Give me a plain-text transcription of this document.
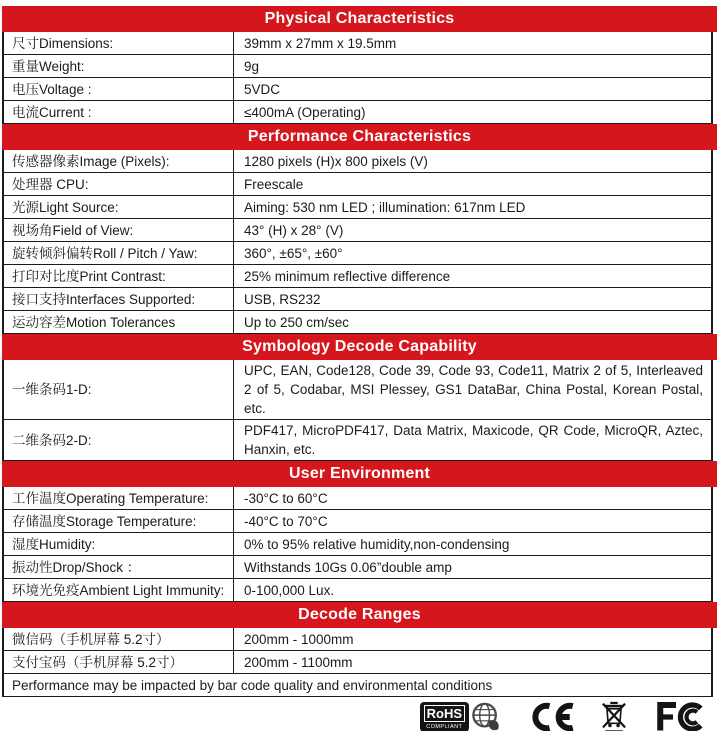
Physical Characteristics
尺寸Dimensions:	39mm x 27mm x 19.5mm
重量Weight:	9g
电压Voltage :	5VDC
电流Current :	≤400mA (Operating)
Performance Characteristics
传感器像素Image (Pixels):	1280 pixels (H)x 800 pixels (V)
处理器 CPU:	Freescale
光源Light Source:	Aiming: 530 nm LED ; illumination: 617nm LED
视场角Field of View:	43° (H) x 28° (V)
旋转倾斜偏转Roll / Pitch / Yaw:	360°, ±65°, ±60°
打印对比度Print Contrast:	25% minimum reflective difference
接口支持Interfaces Supported:	USB, RS232
运动容差Motion Tolerances	Up to 250 cm/sec
Symbology Decode Capability
一维条码1-D:
UPC, EAN, Code128, Code 39, Code 93, Code11, Matrix 2 of 5, Interleaved 2 of 5, Codabar, MSI Plessey, GS1 DataBar, China Postal, Korean Postal, etc.
二维条码2-D:
PDF417, MicroPDF417, Data Matrix, Maxicode, QR Code, MicroQR, Aztec, Hanxin, etc.
User Environment
工作温度Operating Temperature:	-30°C to 60°C
存储温度Storage Temperature:	-40°C to 70°C
湿度Humidity:	0% to 95% relative humidity,non-condensing
振动性Drop/Shock ：	Withstands 10Gs 0.06”double amp
环境光免疫Ambient Light Immunity:	0-100,000 Lux.
Decode Ranges
微信码（手机屏幕 5.2寸）	200mm - 1000mm
支付宝码（手机屏幕 5.2寸）	200mm - 1100mm
Performance may be impacted by bar code quality and environmental conditions
RoHS
COMPLIANT
